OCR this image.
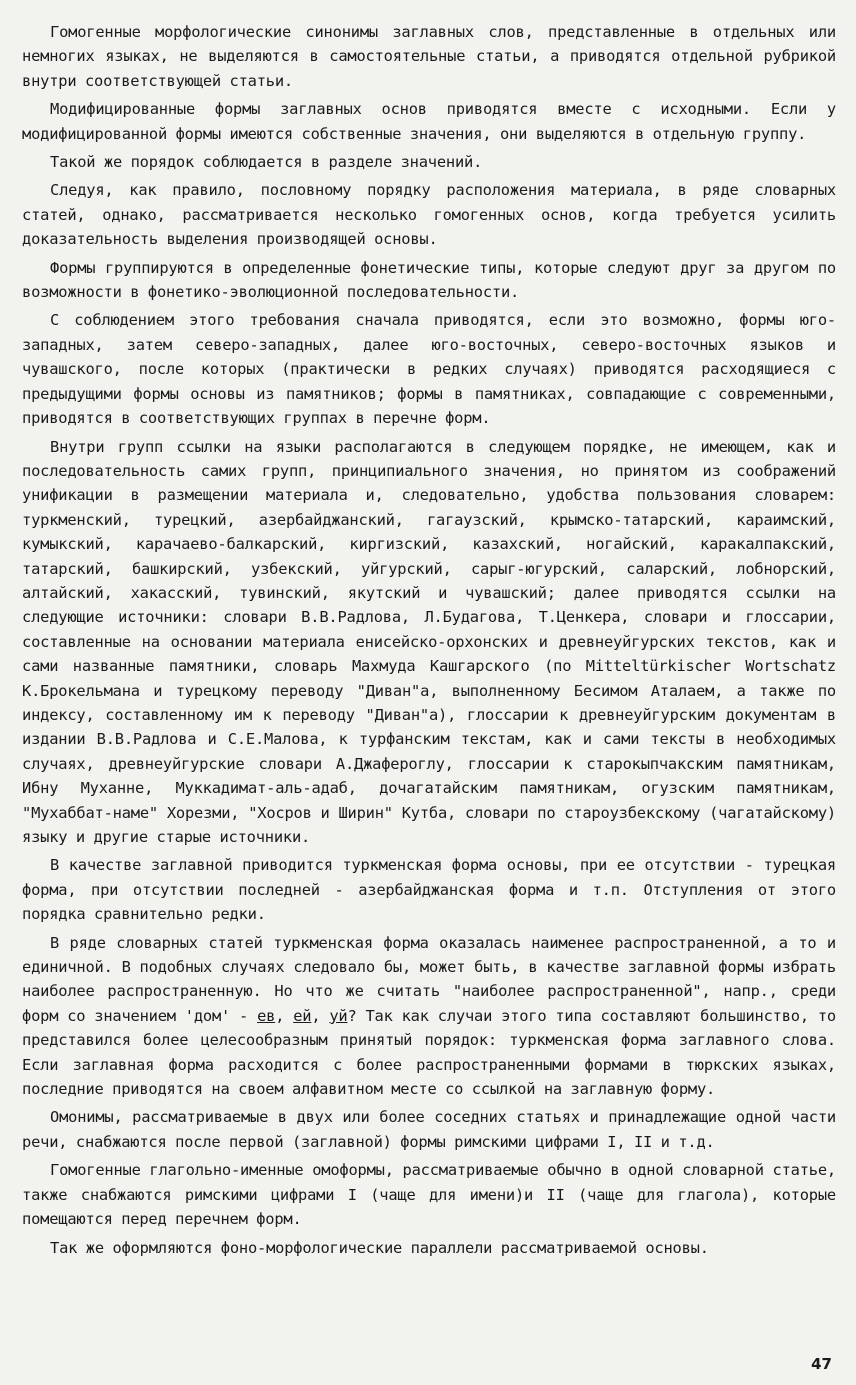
Гомогенные морфологические синонимы заглавных слов, представленные в отдельных или немногих языках, не выделяются в самостоятельные статьи, а приводятся отдельной рубрикой внутри соответствующей статьи.

Модифицированные формы заглавных основ приводятся вместе с исходными. Если у модифицированной формы имеются собственные значения, они выделяются в отдельную группу.

Такой же порядок соблюдается в разделе значений.

Следуя, как правило, пословному порядку расположения материала, в ряде словарных статей, однако, рассматривается несколько гомогенных основ, когда требуется усилить доказательность выделения производящей основы.

Формы группируются в определенные фонетические типы, которые следуют друг за другом по возможности в фонетико-эволюционной последовательности.

С соблюдением этого требования сначала приводятся, если это возможно, формы юго-западных, затем северо-западных, далее юго-восточных, северо-восточных языков и чувашского, после которых (практически в редких случаях) приводятся расходящиеся с предыдущими формы основы из памятников; формы в памятниках, совпадающие с современными, приводятся в соответствующих группах в перечне форм.

Внутри групп ссылки на языки располагаются в следующем порядке, не имеющем, как и последовательность самих групп, принципиального значения, но принятом из соображений унификации в размещении материала и, следовательно, удобства пользования словарем: туркменский, турецкий, азербайджанский, гагаузский, крымско-татарский, караимский, кумыкский, карачаево-балкарский, киргизский, казахский, ногайский, каракалпакский, татарский, башкирский, узбекский, уйгурский, сарыг-югурский, саларский, лобнорский, алтайский, хакасский, тувинский, якутский и чувашский; далее приводятся ссылки на следующие источники: словари В.В.Радлова, Л.Будагова, Т.Ценкера, словари и глоссарии, составленные на основании материала енисейско-орхонских и древнеуйгурских текстов, как и сами названные памятники, словарь Махмуда Кашгарского (по Mitteltürkischer Wortschatz К.Брокельмана и турецкому переводу "Диван"а, выполненному Бесимом Аталаем, а также по индексу, составленному им к переводу "Диван"а), глоссарии к древнеуйгурским документам в издании В.В.Радлова и С.Е.Малова, к турфанским текстам, как и сами тексты в необходимых случаях, древнеуйгурские словари А.Джафероглу, глоссарии к старокыпчакским памятникам, Ибну Муханне, Муккадимат-аль-адаб, дочагатайским памятникам, огузским памятникам, "Мухаббат-наме" Хорезми, "Хосров и Ширин" Кутба, словари по староузбекскому (чагатайскому) языку и другие старые источники.

В качестве заглавной приводится туркменская форма основы, при ее отсутствии - турецкая форма, при отсутствии последней - азербайджанская форма и т.п. Отступления от этого порядка сравнительно редки.

В ряде словарных статей туркменская форма оказалась наименее распространенной, а то и единичной. В подобных случаях следовало бы, может быть, в качестве заглавной формы избрать наиболее распространенную. Но что же считать "наиболее распространенной", напр., среди форм со значением 'дом' - ев, ей, уй? Так как случаи этого типа составляют большинство, то представился более целесообразным принятый порядок: туркменская форма заглавного слова. Если заглавная форма расходится с более распространенными формами в тюркских языках, последние приводятся на своем алфавитном месте со ссылкой на заглавную форму.

Омонимы, рассматриваемые в двух или более соседних статьях и принадлежащие одной части речи, снабжаются после первой (заглавной) формы римскими цифрами I, II и т.д.

Гомогенные глагольно-именные омоформы, рассматриваемые обычно в одной словарной статье, также снабжаются римскими цифрами I (чаще для имени)и II (чаще для глагола), которые помещаются перед перечнем форм.

Так же оформляются фоно-морфологические параллели рассматриваемой основы.

47
